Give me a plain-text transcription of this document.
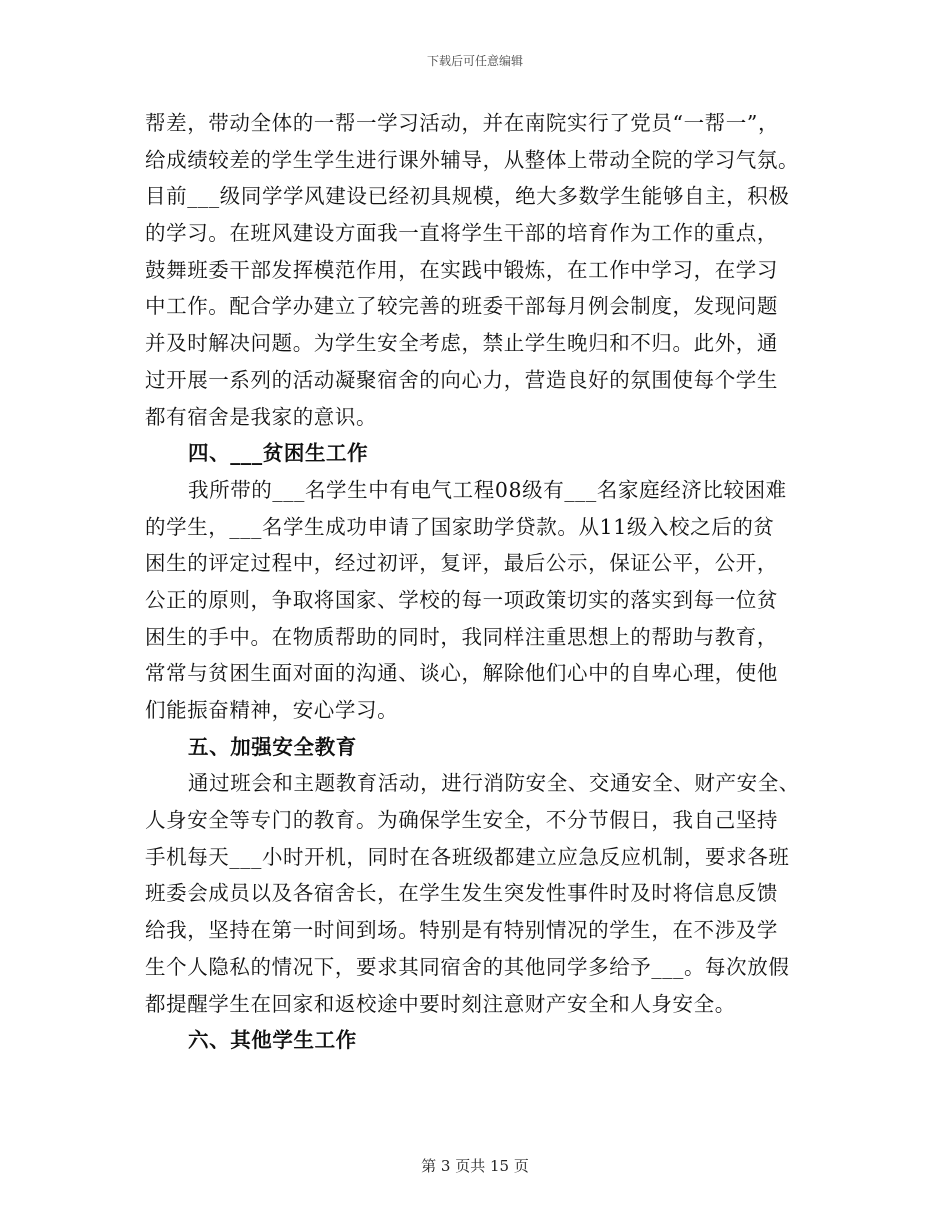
下载后可任意编辑
帮差，带动全体的一帮一学习活动，并在南院实行了党员“一帮一”，
给成绩较差的学生学生进行课外辅导，从整体上带动全院的学习气氛。
目前___级同学学风建设已经初具规模，绝大多数学生能够自主，积极
的学习。在班风建设方面我一直将学生干部的培育作为工作的重点，
鼓舞班委干部发挥模范作用，在实践中锻炼，在工作中学习，在学习
中工作。配合学办建立了较完善的班委干部每月例会制度，发现问题
并及时解决问题。为学生安全考虑，禁止学生晚归和不归。此外，通
过开展一系列的活动凝聚宿舍的向心力，营造良好的氛围使每个学生
都有宿舍是我家的意识。
四、___贫困生工作
我所带的___名学生中有电气工程08级有___名家庭经济比较困难
的学生，___名学生成功申请了国家助学贷款。从11级入校之后的贫
困生的评定过程中，经过初评，复评，最后公示，保证公平，公开，
公正的原则，争取将国家、学校的每一项政策切实的落实到每一位贫
困生的手中。在物质帮助的同时，我同样注重思想上的帮助与教育，
常常与贫困生面对面的沟通、谈心，解除他们心中的自卑心理，使他
们能振奋精神，安心学习。
五、加强安全教育
通过班会和主题教育活动，进行消防安全、交通安全、财产安全、
人身安全等专门的教育。为确保学生安全，不分节假日，我自己坚持
手机每天___小时开机，同时在各班级都建立应急反应机制，要求各班
班委会成员以及各宿舍长，在学生发生突发性事件时及时将信息反馈
给我，坚持在第一时间到场。特别是有特别情况的学生，在不涉及学
生个人隐私的情况下，要求其同宿舍的其他同学多给予___。每次放假
都提醒学生在回家和返校途中要时刻注意财产安全和人身安全。
六、其他学生工作
第 3 页共 15 页
